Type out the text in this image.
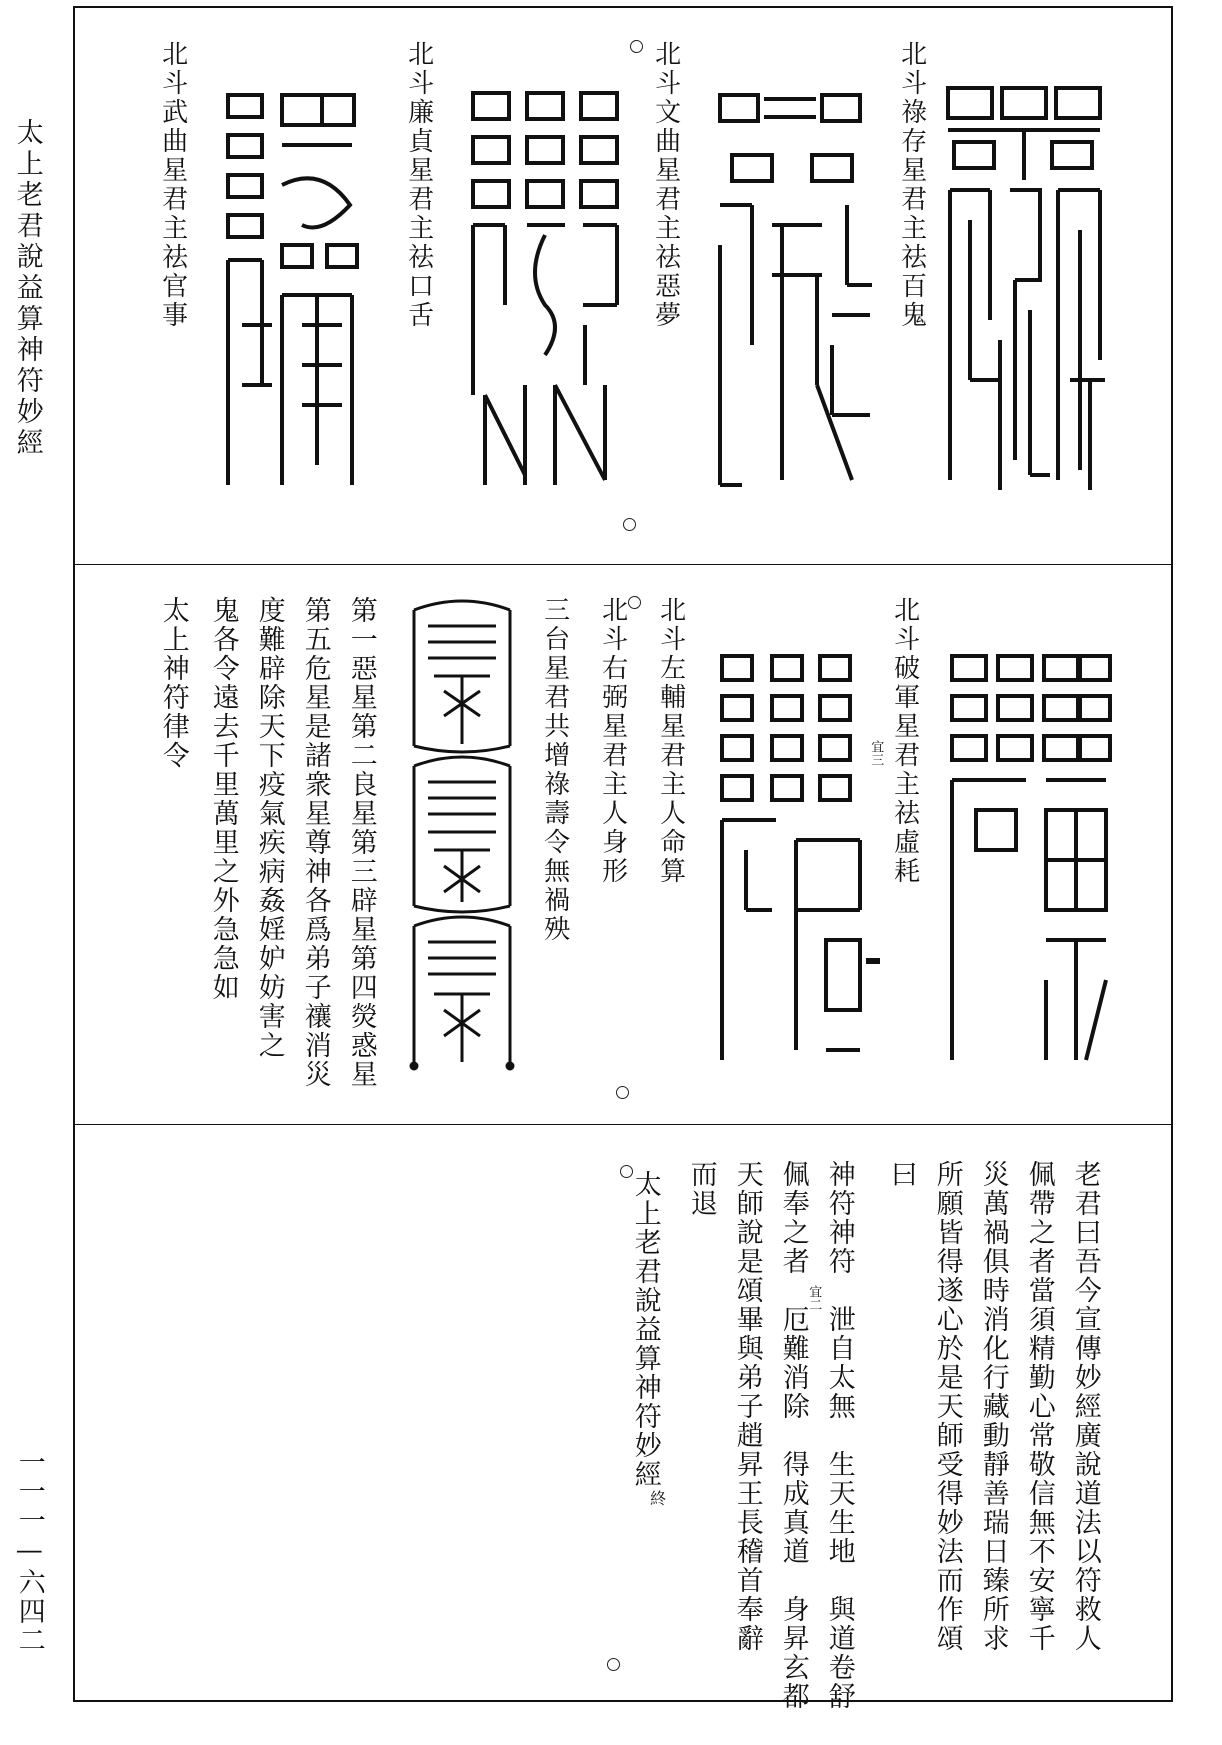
太上老君說益算神符妙經
一一一—六四二
北斗祿存星君主祛百鬼
北斗文曲星君主祛惡夢
北斗廉貞星君主祛口舌
北斗武曲星君主祛官事
北斗破軍星君主祛虛耗
宜三
北斗左輔星君主人命算
北斗右弼星君主人身形
三台星君共增祿壽令無禍殃
第一惡星第二良星第三辟星第四熒惑星
第五危星是諸衆星尊神各爲弟子禳消災
度難辟除天下疫氣疾病姦婬妒妨害之
鬼各令遠去千里萬里之外急急如
太上神符律令
老君曰吾今宣傳妙經廣說道法以符救人
佩帶之者當須精勤心常敬信無不安寧千
災萬禍俱時消化行藏動靜善瑞日臻所求
所願皆得遂心於是天師受得妙法而作頌
曰
神符神符　泄自太無　生天生地　與道卷舒
宜二
佩奉之者　厄難消除　得成真道　身昇玄都
天師說是頌畢與弟子趙昇王長稽首奉辭
而退
太上老君說益算神符妙經
終
